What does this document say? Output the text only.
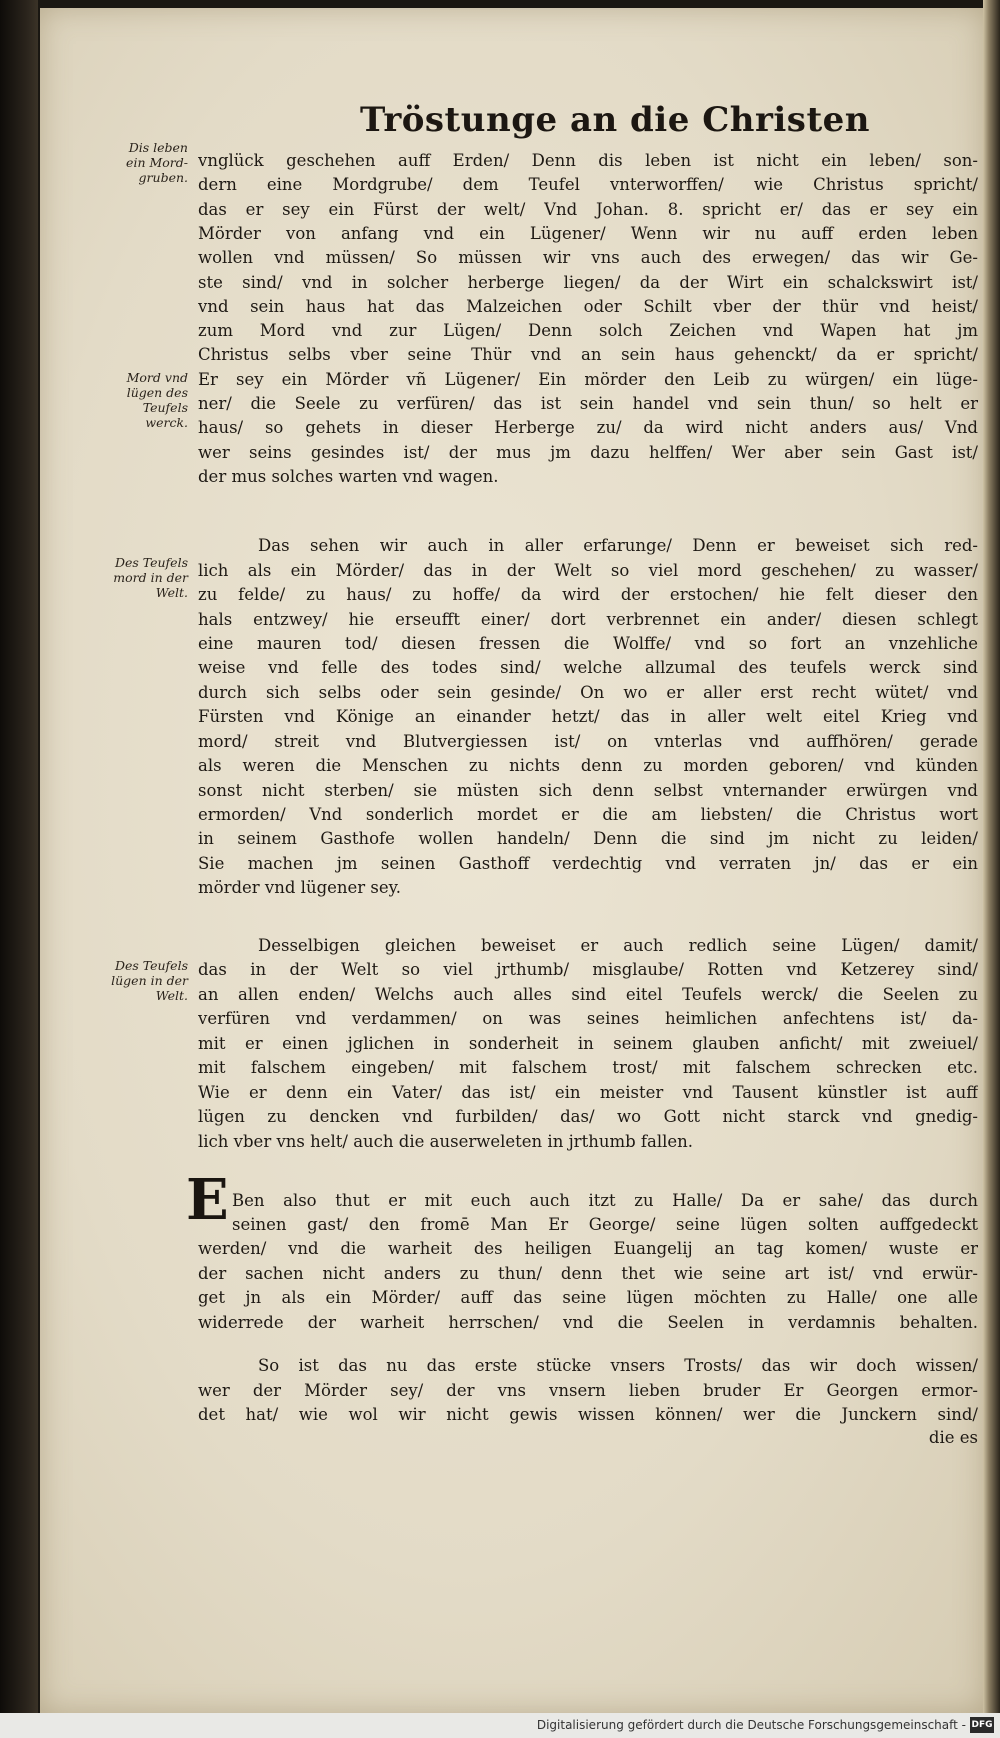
Tröstunge an die Christen
Dis leben
ein Mord-
gruben.
Mord vnd
lügen des
Teufels
werck.
Des Teufels
mord in der
Welt.
Des Teufels
lügen in der
Welt.
vnglück geschehen auff Erden/ Denn dis leben ist nicht ein leben/ son-
dern eine Mordgrube/ dem Teufel vnterworffen/ wie Christus spricht/
das er sey ein Fürst der welt/ Vnd Johan. 8. spricht er/ das er sey ein
Mörder von anfang vnd ein Lügener/ Wenn wir nu auff erden leben
wollen vnd müssen/ So müssen wir vns auch des erwegen/ das wir Ge-
ste sind/ vnd in solcher herberge liegen/ da der Wirt ein schalckswirt ist/
vnd sein haus hat das Malzeichen oder Schilt vber der thür vnd heist/
zum Mord vnd zur Lügen/ Denn solch Zeichen vnd Wapen hat jm
Christus selbs vber seine Thür vnd an sein haus gehenckt/ da er spricht/
Er sey ein Mörder vñ Lügener/ Ein mörder den Leib zu würgen/ ein lüge-
ner/ die Seele zu verfüren/ das ist sein handel vnd sein thun/ so helt er
haus/ so gehets in dieser Herberge zu/ da wird nicht anders aus/ Vnd
wer seins gesindes ist/ der mus jm dazu helffen/ Wer aber sein Gast ist/
der mus solches warten vnd wagen.
Das sehen wir auch in aller erfarunge/ Denn er beweiset sich red-
lich als ein Mörder/ das in der Welt so viel mord geschehen/ zu wasser/
zu felde/ zu haus/ zu hoffe/ da wird der erstochen/ hie felt dieser den
hals entzwey/ hie erseufft einer/ dort verbrennet ein ander/ diesen schlegt
eine mauren tod/ diesen fressen die Wolffe/ vnd so fort an vnzehliche
weise vnd felle des todes sind/ welche allzumal des teufels werck sind
durch sich selbs oder sein gesinde/ On wo er aller erst recht wütet/ vnd
Fürsten vnd Könige an einander hetzt/ das in aller welt eitel Krieg vnd
mord/ streit vnd Blutvergiessen ist/ on vnterlas vnd auffhören/ gerade
als weren die Menschen zu nichts denn zu morden geboren/ vnd künden
sonst nicht sterben/ sie müsten sich denn selbst vnternander erwürgen vnd
ermorden/ Vnd sonderlich mordet er die am liebsten/ die Christus wort
in seinem Gasthofe wollen handeln/ Denn die sind jm nicht zu leiden/
Sie machen jm seinen Gasthoff verdechtig vnd verraten jn/ das er ein
mörder vnd lügener sey.
Desselbigen gleichen beweiset er auch redlich seine Lügen/ damit/
das in der Welt so viel jrthumb/ misglaube/ Rotten vnd Ketzerey sind/
an allen enden/ Welchs auch alles sind eitel Teufels werck/ die Seelen zu
verfüren vnd verdammen/ on was seines heimlichen anfechtens ist/ da-
mit er einen jglichen in sonderheit in seinem glauben anficht/ mit zweiuel/
mit falschem eingeben/ mit falschem trost/ mit falschem schrecken etc.
Wie er denn ein Vater/ das ist/ ein meister vnd Tausent künstler ist auff
lügen zu dencken vnd furbilden/ das/ wo Gott nicht starck vnd gnedig-
lich vber vns helt/ auch die auserweleten in jrthumb fallen.
E Ben also thut er mit euch auch itzt zu Halle/ Da er sahe/ das durch
seinen gast/ den fromē Man Er George/ seine lügen solten auffgedeckt
werden/ vnd die warheit des heiligen Euangelij an tag komen/ wuste er
der sachen nicht anders zu thun/ denn thet wie seine art ist/ vnd erwür-
get jn als ein Mörder/ auff das seine lügen möchten zu Halle/ one alle
widerrede der warheit herrschen/ vnd die Seelen in verdamnis behalten.
So ist das nu das erste stücke vnsers Trosts/ das wir doch wissen/
wer der Mörder sey/ der vns vnsern lieben bruder Er Georgen ermor-
det hat/ wie wol wir nicht gewis wissen können/ wer die Junckern sind/
die es
Digitalisierung gefördert durch die Deutsche Forschungsgemeinschaft - DFG
